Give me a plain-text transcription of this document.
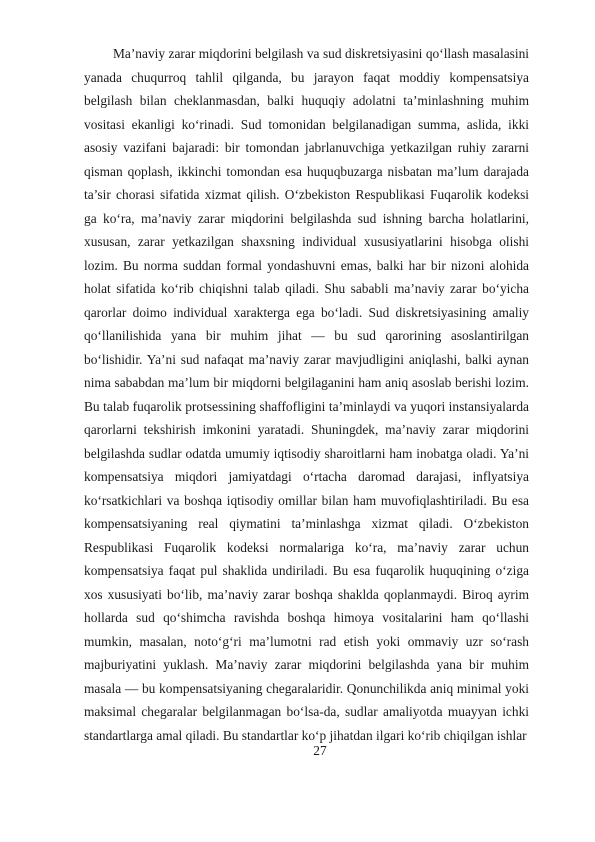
Ma’naviy zarar miqdorini belgilash va sud diskretsiyasini qo‘llash masalasini yanada chuqurroq tahlil qilganda, bu jarayon faqat moddiy kompensatsiya belgilash bilan cheklanmasdan, balki huquqiy adolatni ta’minlashning muhim vositasi ekanligi ko‘rinadi. Sud tomonidan belgilanadigan summa, aslida, ikki asosiy vazifani bajaradi: bir tomondan jabrlanuvchiga yetkazilgan ruhiy zararni qisman qoplash, ikkinchi tomondan esa huquqbuzarga nisbatan ma’lum darajada ta’sir chorasi sifatida xizmat qilish. O‘zbekiston Respublikasi Fuqarolik kodeksi ga ko‘ra, ma’naviy zarar miqdorini belgilashda sud ishning barcha holatlarini, xususan, zarar yetkazilgan shaxsning individual xususiyatlarini hisobga olishi lozim. Bu norma suddan formal yondashuvni emas, balki har bir nizoni alohida holat sifatida ko‘rib chiqishni talab qiladi. Shu sababli ma’naviy zarar bo‘yicha qarorlar doimo individual xarakterga ega bo‘ladi. Sud diskretsiyasining amaliy qo‘llanilishida yana bir muhim jihat — bu sud qarorining asoslantirilgan bo‘lishidir. Ya’ni sud nafaqat ma’naviy zarar mavjudligini aniqlashi, balki aynan nima sababdan ma’lum bir miqdorni belgilaganini ham aniq asoslab berishi lozim. Bu talab fuqarolik protsessining shaffofligini ta’minlaydi va yuqori instansiyalarda qarorlarni tekshirish imkonini yaratadi. Shuningdek, ma’naviy zarar miqdorini belgilashda sudlar odatda umumiy iqtisodiy sharoitlarni ham inobatga oladi. Ya’ni kompensatsiya miqdori jamiyatdagi o‘rtacha daromad darajasi, inflyatsiya ko‘rsatkichlari va boshqa iqtisodiy omillar bilan ham muvofiqlashtiriladi. Bu esa kompensatsiyaning real qiymatini ta’minlashga xizmat qiladi. O‘zbekiston Respublikasi Fuqarolik kodeksi normalariga ko‘ra, ma’naviy zarar uchun kompensatsiya faqat pul shaklida undiriladi. Bu esa fuqarolik huquqining o‘ziga xos xususiyati bo‘lib, ma’naviy zarar boshqa shaklda qoplanmaydi. Biroq ayrim hollarda sud qo‘shimcha ravishda boshqa himoya vositalarini ham qo‘llashi mumkin, masalan, noto‘g‘ri ma’lumotni rad etish yoki ommaviy uzr so‘rash majburiyatini yuklash. Ma’naviy zarar miqdorini belgilashda yana bir muhim masala — bu kompensatsiyaning chegaralaridir. Qonunchilikda aniq minimal yoki maksimal chegaralar belgilanmagan bo‘lsa-da, sudlar amaliyotda muayyan ichki standartlarga amal qiladi. Bu standartlar ko‘p jihatdan ilgari ko‘rib chiqilgan ishlar

27
